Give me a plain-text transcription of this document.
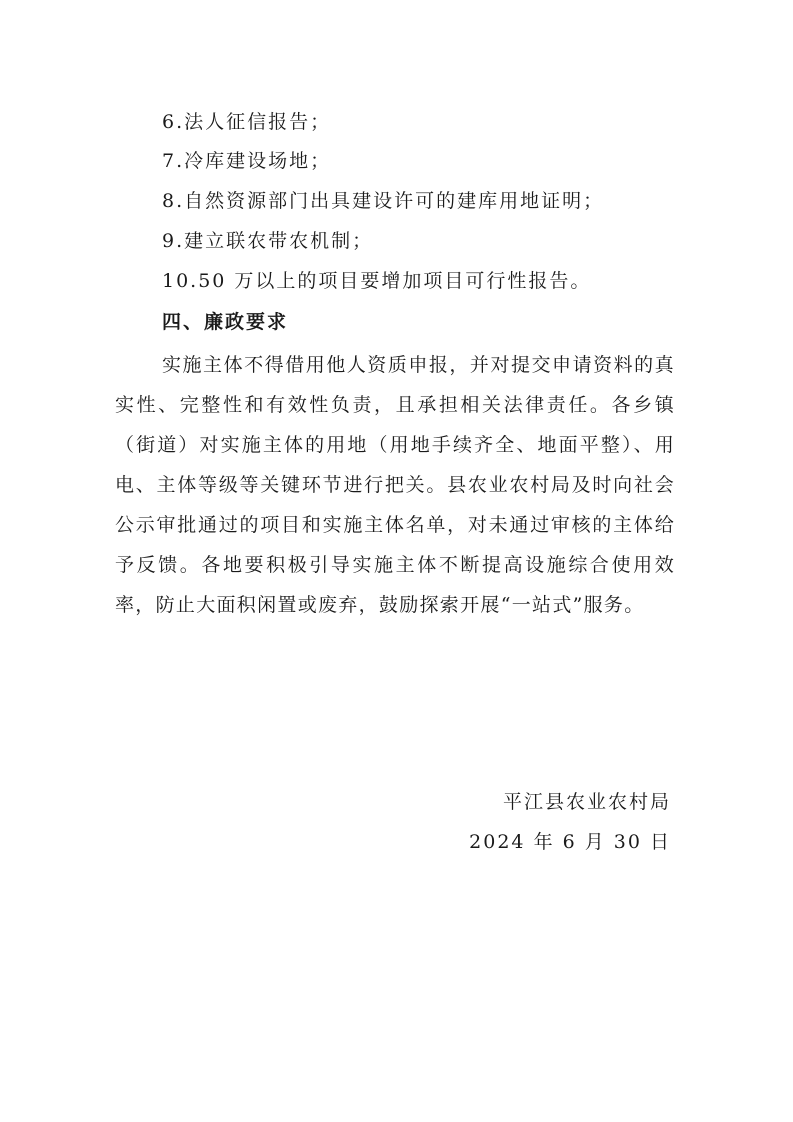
6.法人征信报告；
7.冷库建设场地；
8.自然资源部门出具建设许可的建库用地证明；
9.建立联农带农机制；
10.50 万以上的项目要增加项目可行性报告。
四、廉政要求
实施主体不得借用他人资质申报，并对提交申请资料的真实性、完整性和有效性负责，且承担相关法律责任。各乡镇（街道）对实施主体的用地（用地手续齐全、地面平整）、用电、主体等级等关键环节进行把关。县农业农村局及时向社会公示审批通过的项目和实施主体名单，对未通过审核的主体给予反馈。各地要积极引导实施主体不断提高设施综合使用效率，防止大面积闲置或废弃，鼓励探索开展“一站式”服务。
平江县农业农村局
2024 年 6 月 30 日
